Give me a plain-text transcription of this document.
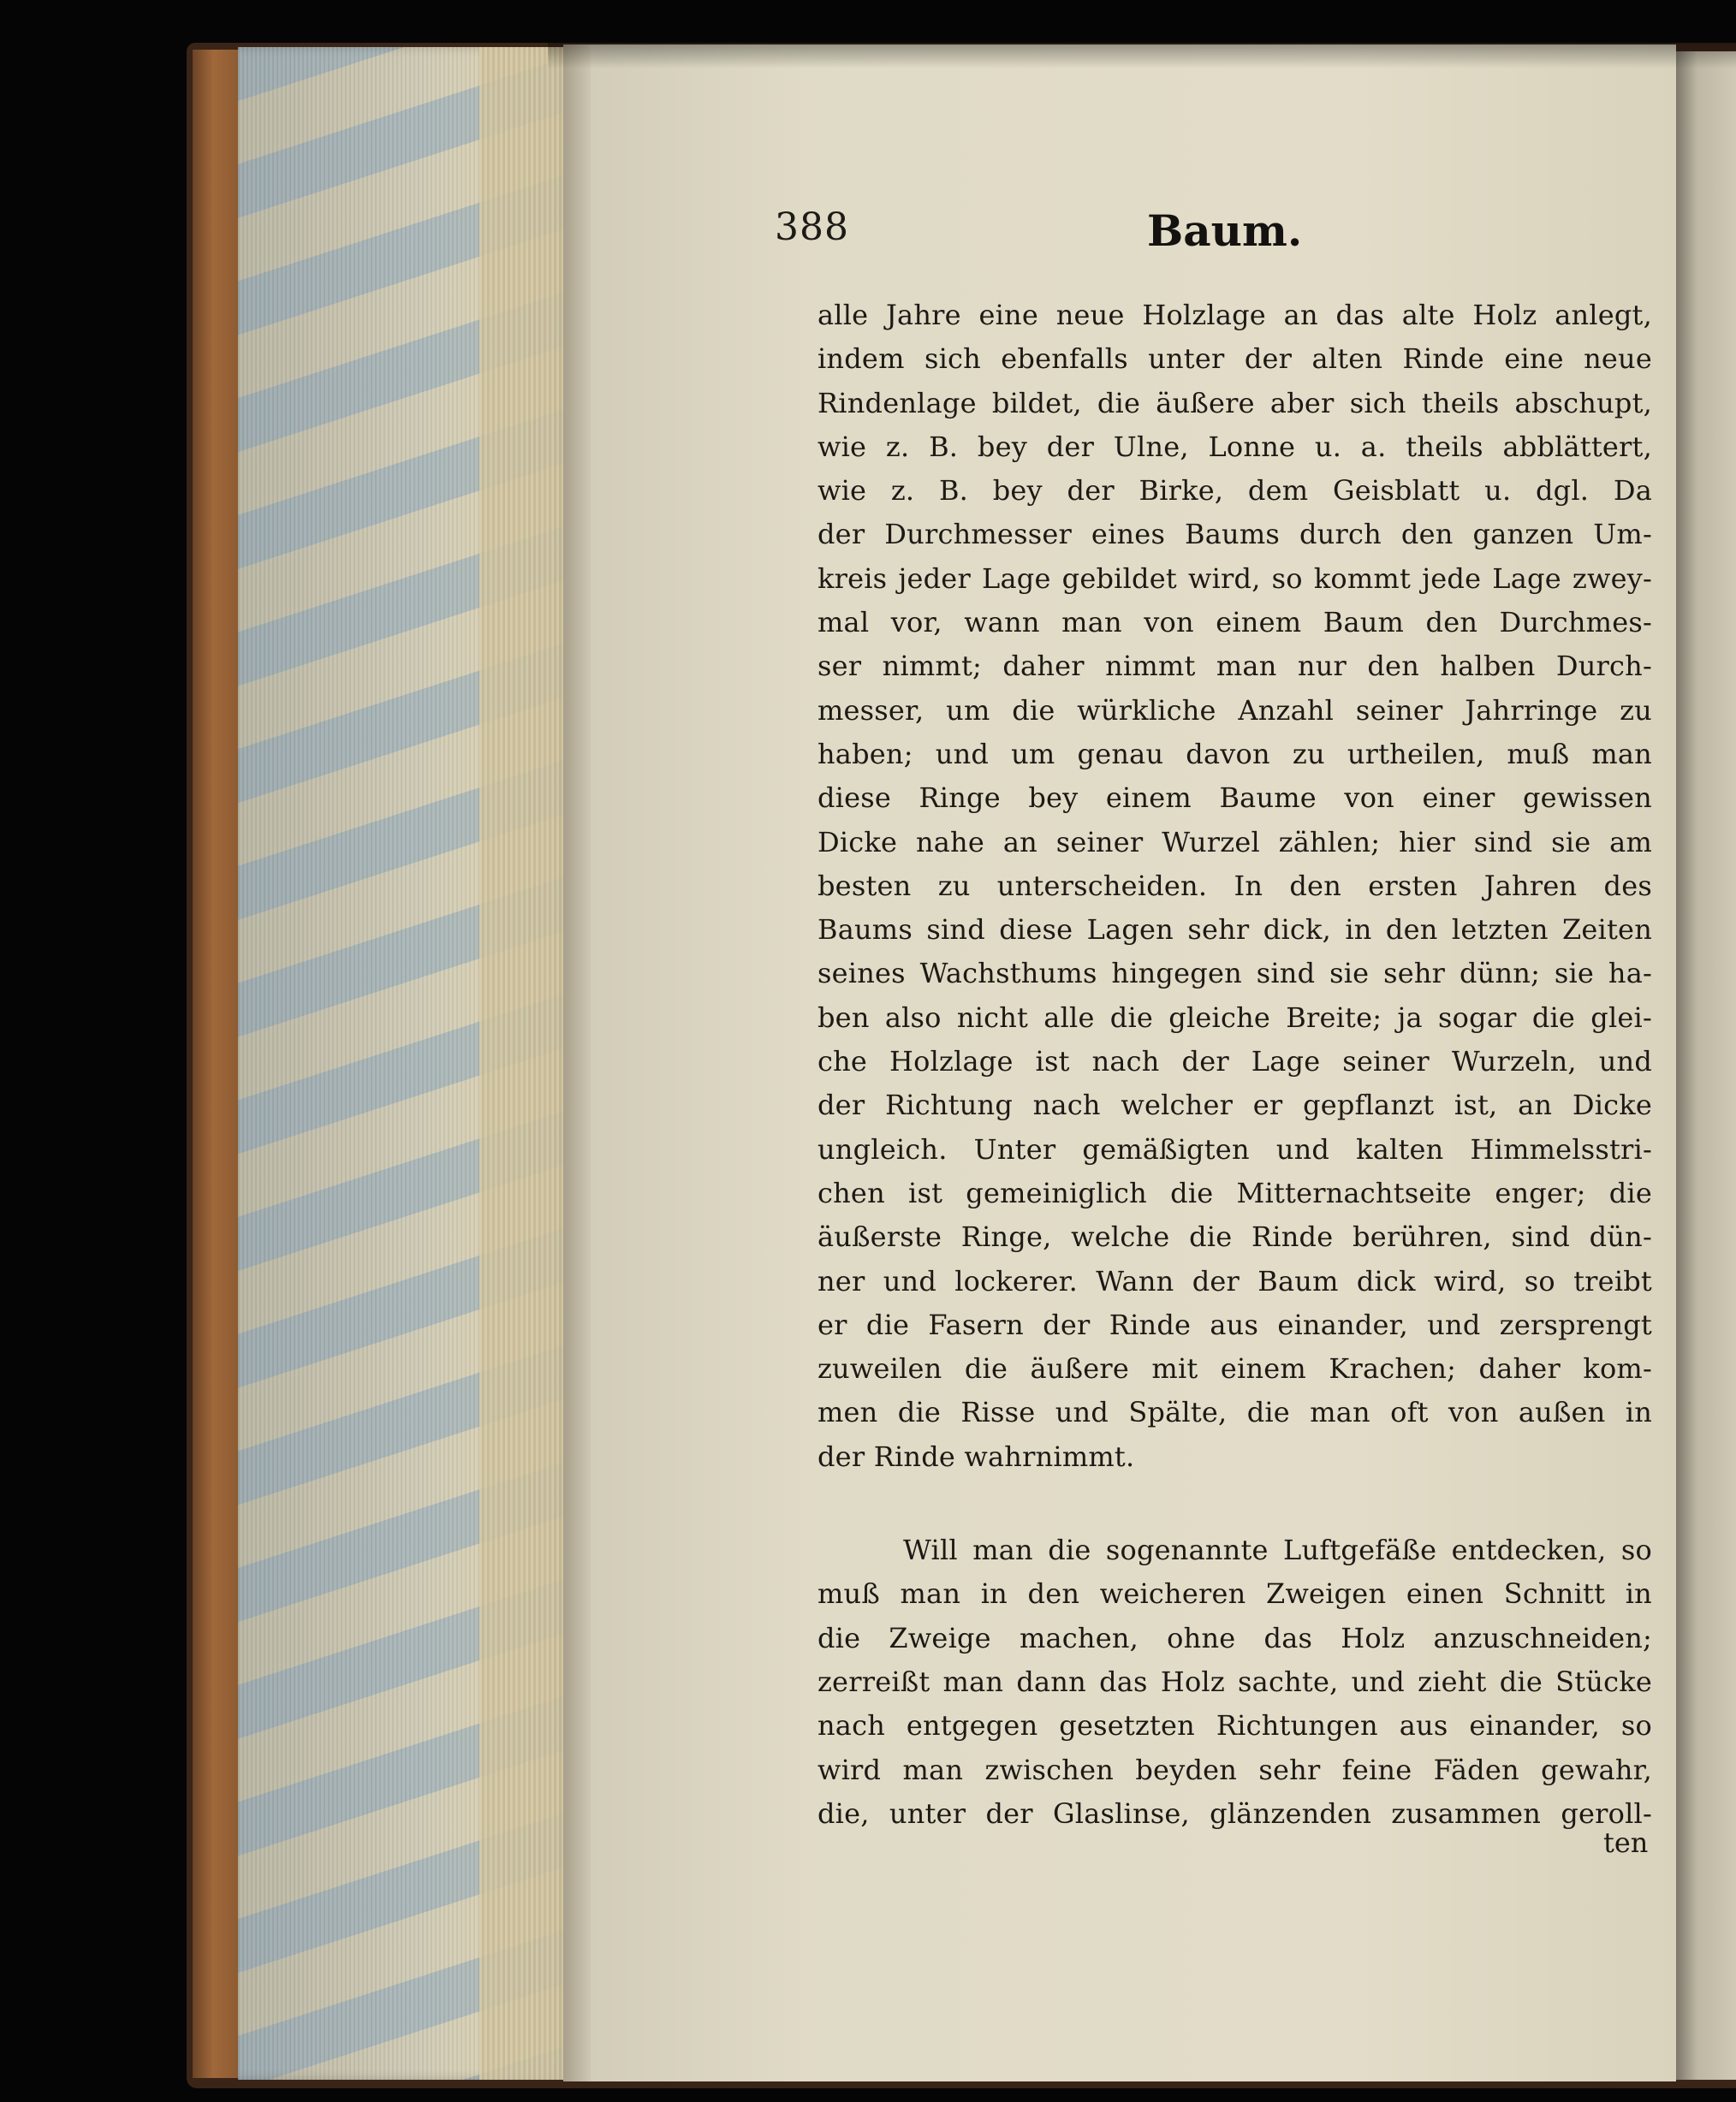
388	Baum.
alle Jahre eine neue Holzlage an das alte Holz anlegt,
indem sich ebenfalls unter der alten Rinde eine neue
Rindenlage bildet, die äußere aber sich theils abschupt,
wie z. B. bey der Ulne, Lonne u. a. theils abblättert,
wie z. B. bey der Birke, dem Geisblatt u. dgl. Da
der Durchmesser eines Baums durch den ganzen Um-
kreis jeder Lage gebildet wird, so kommt jede Lage zwey-
mal vor, wann man von einem Baum den Durchmes-
ser nimmt; daher nimmt man nur den halben Durch-
messer, um die würkliche Anzahl seiner Jahrringe zu
haben; und um genau davon zu urtheilen, muß man
diese Ringe bey einem Baume von einer gewissen
Dicke nahe an seiner Wurzel zählen; hier sind sie am
besten zu unterscheiden. In den ersten Jahren des
Baums sind diese Lagen sehr dick, in den letzten Zeiten
seines Wachsthums hingegen sind sie sehr dünn; sie ha-
ben also nicht alle die gleiche Breite; ja sogar die glei-
che Holzlage ist nach der Lage seiner Wurzeln, und
der Richtung nach welcher er gepflanzt ist, an Dicke
ungleich. Unter gemäßigten und kalten Himmelsstri-
chen ist gemeiniglich die Mitternachtseite enger; die
äußerste Ringe, welche die Rinde berühren, sind dün-
ner und lockerer. Wann der Baum dick wird, so treibt
er die Fasern der Rinde aus einander, und zersprengt
zuweilen die äußere mit einem Krachen; daher kom-
men die Risse und Spälte, die man oft von außen in
der Rinde wahrnimmt.
Will man die sogenannte Luftgefäße entdecken, so
muß man in den weicheren Zweigen einen Schnitt in
die Zweige machen, ohne das Holz anzuschneiden;
zerreißt man dann das Holz sachte, und zieht die Stücke
nach entgegen gesetzten Richtungen aus einander, so
wird man zwischen beyden sehr feine Fäden gewahr,
die, unter der Glaslinse, glänzenden zusammen geroll-
ten
